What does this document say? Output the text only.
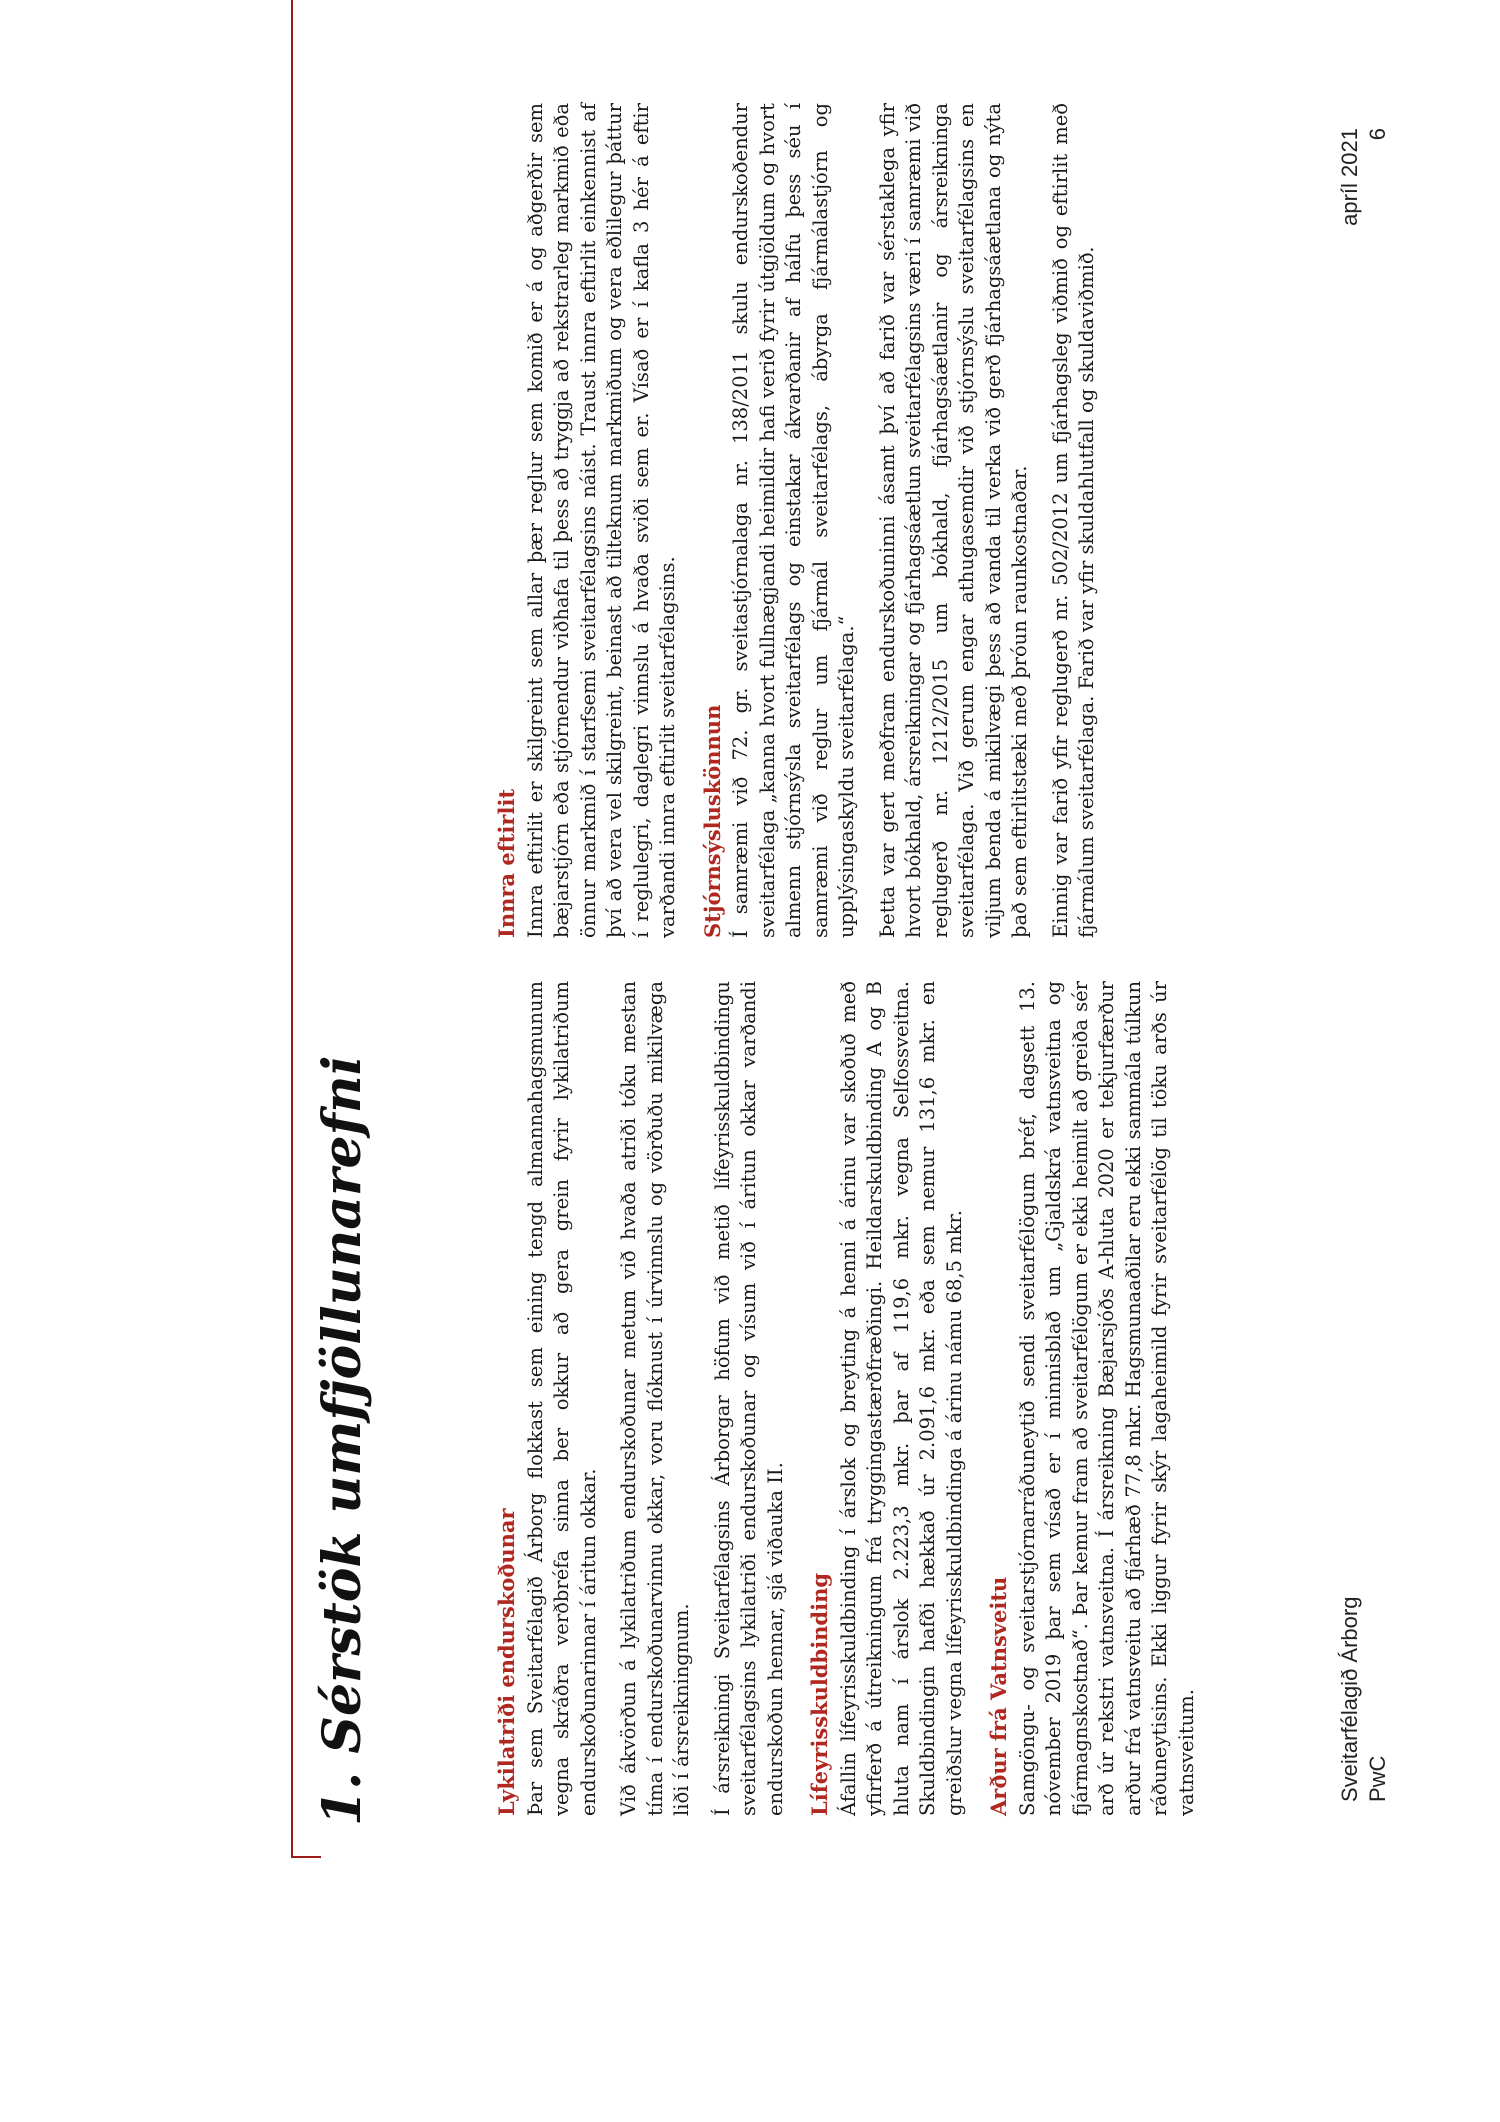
1. Sérstök umfjöllunarefni	Lykilatriði endurskoðunar Þar sem Sveitarfélagið Árborg flokkast sem eining tengd almannahagsmunum vegna skráðra verðbréfa sinna ber okkur að gera grein fyrir lykilatriðum endurskoðunarinnar í áritun okkar. Við ákvörðun á lykilatriðum endurskoðunar metum við hvaða atriði tóku mestan tíma í endurskoðunarvinnu okkar, voru flóknust í úrvinnslu og vörðuðu mikilvæga liði í ársreikningnum. Í ársreikningi Sveitarfélagsins Árborgar höfum við metið lífeyrisskuldbindingu sveitarfélagsins lykilatriði endurskoðunar og vísum við í áritun okkar varðandi endurskoðun hennar, sjá viðauka II. Lífeyrisskuldbinding Áfallin lífeyrisskuldbinding í árslok og breyting á henni á árinu var skoðuð með yfirferð á útreikningum frá tryggingastærðfræðingi. Heildarskuldbinding A og B hluta nam í árslok 2.223,3 mkr. þar af 119,6 mkr. vegna Selfossveitna. Skuldbindingin hafði hækkað úr 2.091,6 mkr. eða sem nemur 131,6 mkr. en greiðslur vegna lífeyrisskuldbindinga á árinu námu 68,5 mkr. Arður frá Vatnsveitu Samgöngu- og sveitarstjórnarráðuneytið sendi sveitarfélögum bréf, dagsett 13. nóvember 2019 þar sem vísað er í minnisblað um „Gjaldskrá vatnsveitna og fjármagnskostnað“. Þar kemur fram að sveitarfélögum er ekki heimilt að greiða sér arð úr rekstri vatnsveitna. Í ársreikning Bæjarsjóðs A-hluta 2020 er tekjurfærður arður frá vatnsveitu að fjárhæð 77,8 mkr. Hagsmunaaðilar eru ekki sammála túlkun ráðuneytisins. Ekki liggur fyrir skýr lagaheimild fyrir sveitarfélög til töku arðs úr vatnsveitum.

Innra eftirlit Innra eftirlit er skilgreint sem allar þær reglur sem komið er á og aðgerðir sem bæjarstjórn eða stjórnendur viðhafa til þess að tryggja að rekstrarleg markmið eða önnur markmið í starfsemi sveitarfélagsins náist. Traust innra eftirlit einkennist af því að vera vel skilgreint, beinast að tilteknum markmiðum og vera eðlilegur þáttur í reglulegri, daglegri vinnslu á hvaða sviði sem er. Vísað er í kafla 3 hér á eftir varðandi innra eftirlit sveitarfélagsins. Stjórnsýsluskönnun Í samræmi við 72. gr. sveitastjórnalaga nr. 138/2011 skulu endurskoðendur sveitarfélaga „kanna hvort fullnægjandi heimildir hafi verið fyrir útgjöldum og hvort almenn stjórnsýsla sveitarfélags og einstakar ákvarðanir af hálfu þess séu í samræmi við reglur um fjármál sveitarfélags, ábyrga fjármálastjórn og upplýsingaskyldu sveitarfélaga.“ Þetta var gert meðfram endurskoðuninni ásamt því að farið var sérstaklega yfir hvort bókhald, ársreikningar og fjárhagsáætlun sveitarfélagsins væri í samræmi við reglugerð nr. 1212/2015 um bókhald, fjárhagsáætlanir og ársreikninga sveitarfélaga. Við gerum engar athugasemdir við stjórnsýslu sveitarfélagsins en viljum benda á mikilvægi þess að vanda til verka við gerð fjárhagsáætlana og nýta það sem eftirlitstæki með þróun raunkostnaðar. Einnig var farið yfir reglugerð nr. 502/2012 um fjárhagsleg viðmið og eftirlit með fjármálum sveitarfélaga. Farið var yfir skuldahlutfall og skuldaviðmið.

Sveitarfélagið Árborg PwC
apríl 2021 6
